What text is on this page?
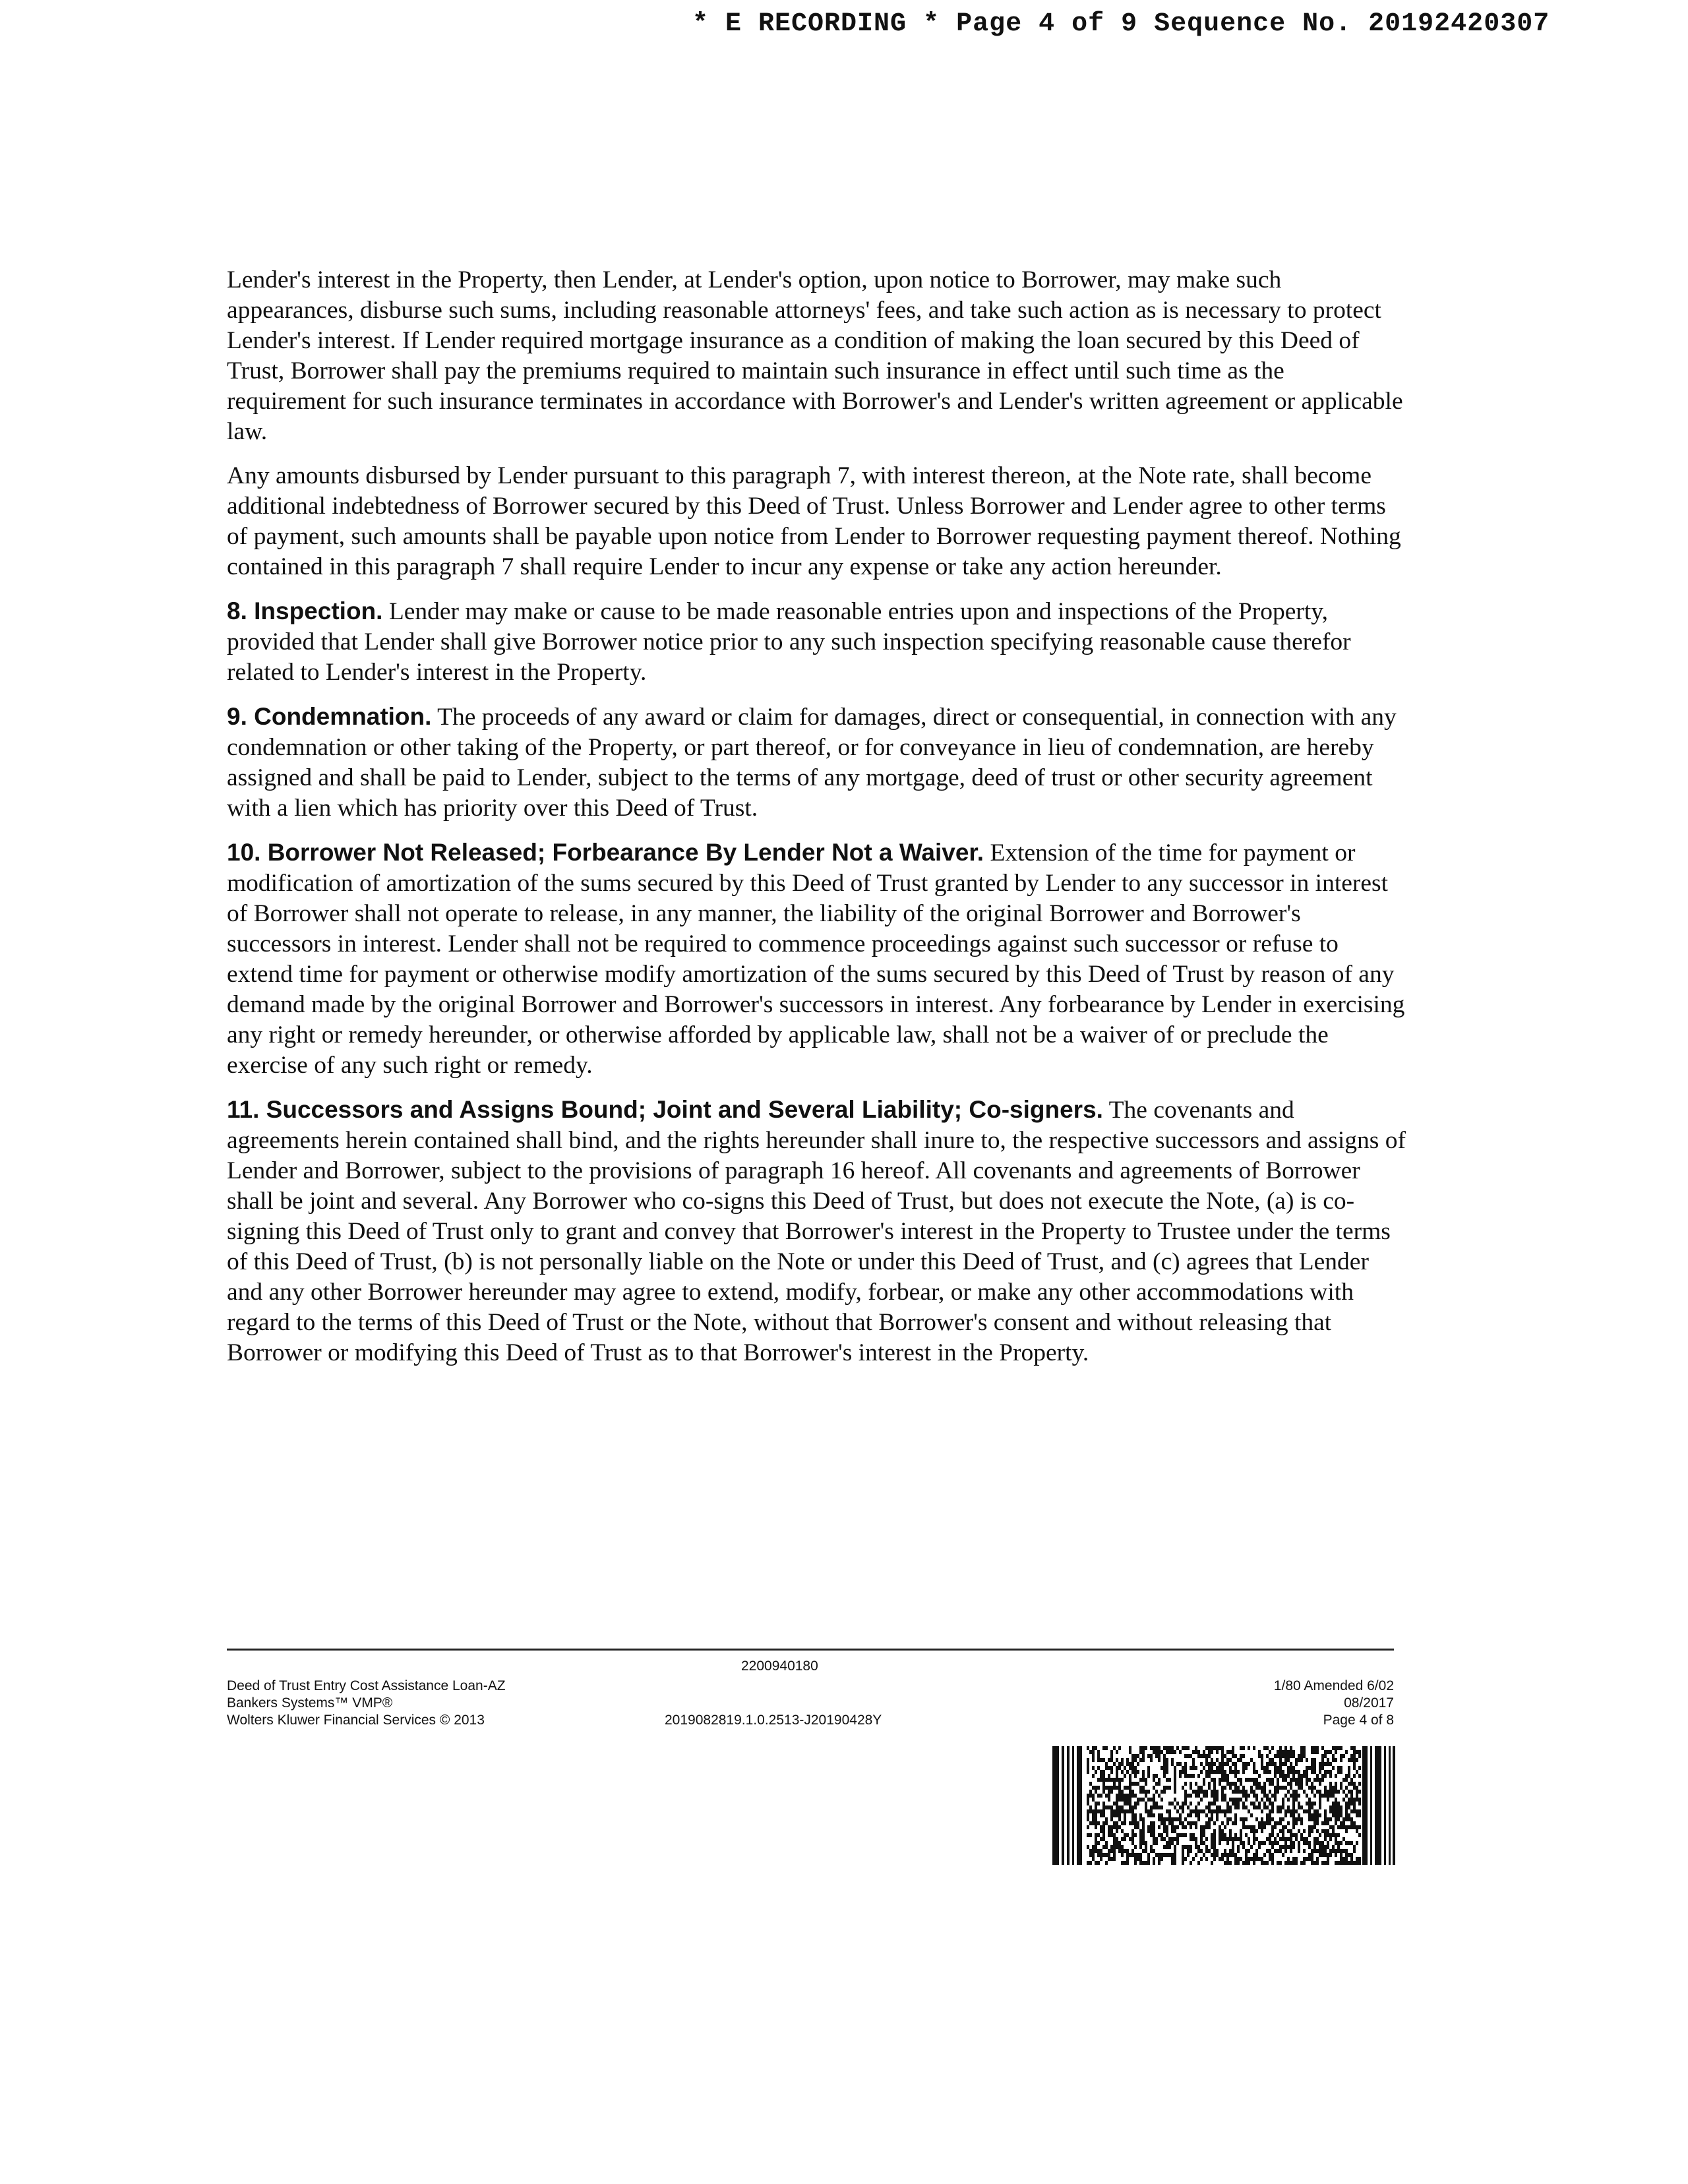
* E RECORDING * Page 4 of 9 Sequence No. 20192420307

Lender's interest in the Property, then Lender, at Lender's option, upon notice to Borrower, may make such appearances, disburse such sums, including reasonable attorneys' fees, and take such action as is necessary to protect Lender's interest. If Lender required mortgage insurance as a condition of making the loan secured by this Deed of Trust, Borrower shall pay the premiums required to maintain such insurance in effect until such time as the requirement for such insurance terminates in accordance with Borrower's and Lender's written agreement or applicable law.

Any amounts disbursed by Lender pursuant to this paragraph 7, with interest thereon, at the Note rate, shall become additional indebtedness of Borrower secured by this Deed of Trust. Unless Borrower and Lender agree to other terms of payment, such amounts shall be payable upon notice from Lender to Borrower requesting payment thereof. Nothing contained in this paragraph 7 shall require Lender to incur any expense or take any action hereunder.

8. Inspection. Lender may make or cause to be made reasonable entries upon and inspections of the Property, provided that Lender shall give Borrower notice prior to any such inspection specifying reasonable cause therefor related to Lender's interest in the Property.

9. Condemnation. The proceeds of any award or claim for damages, direct or consequential, in connection with any condemnation or other taking of the Property, or part thereof, or for conveyance in lieu of condemnation, are hereby assigned and shall be paid to Lender, subject to the terms of any mortgage, deed of trust or other security agreement with a lien which has priority over this Deed of Trust.

10. Borrower Not Released; Forbearance By Lender Not a Waiver. Extension of the time for payment or modification of amortization of the sums secured by this Deed of Trust granted by Lender to any successor in interest of Borrower shall not operate to release, in any manner, the liability of the original Borrower and Borrower's successors in interest. Lender shall not be required to commence proceedings against such successor or refuse to extend time for payment or otherwise modify amortization of the sums secured by this Deed of Trust by reason of any demand made by the original Borrower and Borrower's successors in interest. Any forbearance by Lender in exercising any right or remedy hereunder, or otherwise afforded by applicable law, shall not be a waiver of or preclude the exercise of any such right or remedy.

11. Successors and Assigns Bound; Joint and Several Liability; Co-signers. The covenants and agreements herein contained shall bind, and the rights hereunder shall inure to, the respective successors and assigns of Lender and Borrower, subject to the provisions of paragraph 16 hereof. All covenants and agreements of Borrower shall be joint and several. Any Borrower who co-signs this Deed of Trust, but does not execute the Note, (a) is co-signing this Deed of Trust only to grant and convey that Borrower's interest in the Property to Trustee under the terms of this Deed of Trust, (b) is not personally liable on the Note or under this Deed of Trust, and (c) agrees that Lender and any other Borrower hereunder may agree to extend, modify, forbear, or make any other accommodations with regard to the terms of this Deed of Trust or the Note, without that Borrower's consent and without releasing that Borrower or modifying this Deed of Trust as to that Borrower's interest in the Property.

2200940180
Deed of Trust Entry Cost Assistance Loan-AZ
Bankers Systems™ VMP®
Wolters Kluwer Financial Services © 2013	2019082819.1.0.2513-J20190428Y
1/80 Amended 6/02
08/2017
Page 4 of 8
